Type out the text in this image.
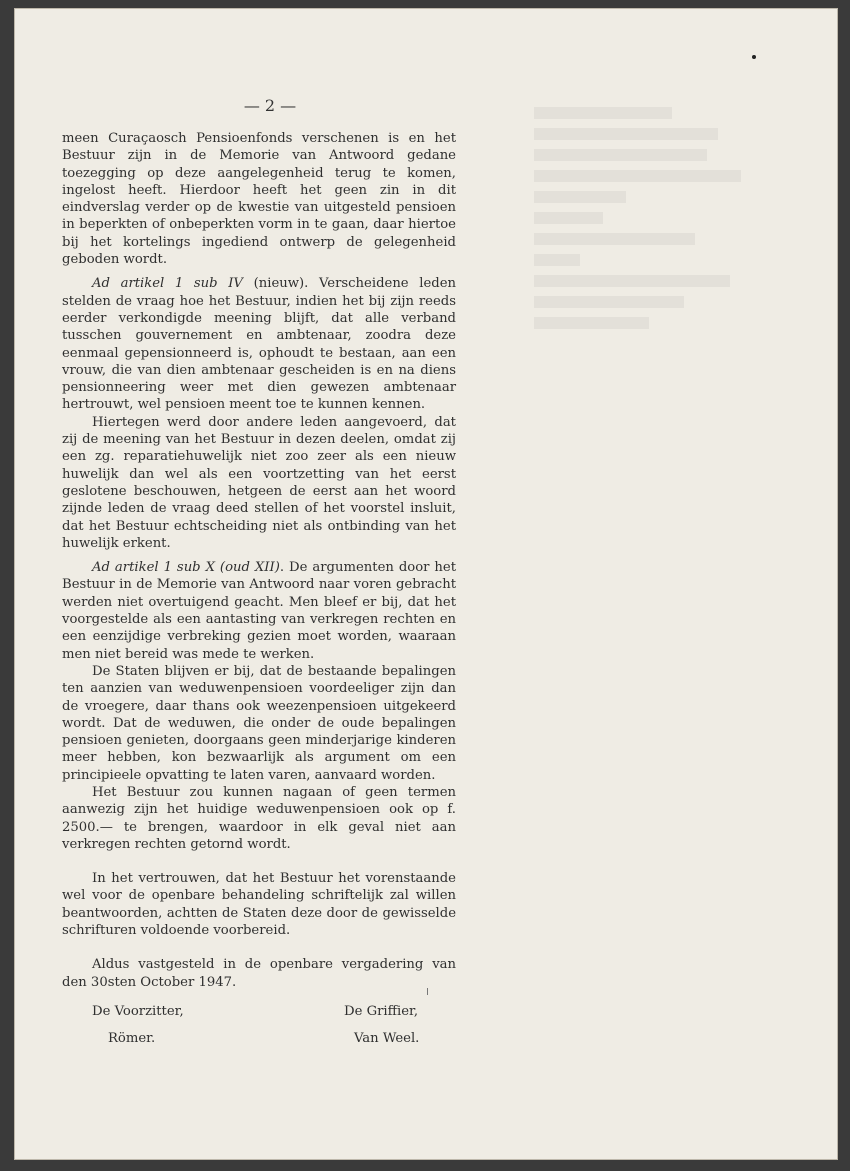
— 2 —

meen Curaçaosch Pensioenfonds verschenen is en het Bestuur zijn in de Memorie van Antwoord gedane toezegging op deze aangelegenheid terug te komen, ingelost heeft. Hierdoor heeft het geen zin in dit eindverslag verder op de kwestie van uitgesteld pensioen in beperkten of onbeperkten vorm in te gaan, daar hiertoe bij het kortelings ingediend ontwerp de gelegenheid geboden wordt.

Ad artikel 1 sub IV (nieuw). Verscheidene leden stelden de vraag hoe het Bestuur, indien het bij zijn reeds eerder verkondigde meening blijft, dat alle verband tusschen gouvernement en ambtenaar, zoodra deze eenmaal gepensionneerd is, ophoudt te bestaan, aan een vrouw, die van dien ambtenaar gescheiden is en na diens pensionneering weer met dien gewezen ambtenaar hertrouwt, wel pensioen meent toe te kunnen kennen.

Hiertegen werd door andere leden aangevoerd, dat zij de meening van het Bestuur in dezen deelen, omdat zij een zg. reparatiehuwelijk niet zoo zeer als een nieuw huwelijk dan wel als een voortzetting van het eerst geslotene beschouwen, hetgeen de eerst aan het woord zijnde leden de vraag deed stellen of het voorstel insluit, dat het Bestuur echtscheiding niet als ontbinding van het huwelijk erkent.

Ad artikel 1 sub X (oud XII). De argumenten door het Bestuur in de Memorie van Antwoord naar voren gebracht werden niet overtuigend geacht. Men bleef er bij, dat het voorgestelde als een aantasting van verkregen rechten en een eenzijdige verbreking gezien moet worden, waaraan men niet bereid was mede te werken.

De Staten blijven er bij, dat de bestaande bepalingen ten aanzien van weduwenpensioen voordeeliger zijn dan de vroegere, daar thans ook weezenpensioen uitgekeerd wordt. Dat de weduwen, die onder de oude bepalingen pensioen genieten, doorgaans geen minderjarige kinderen meer hebben, kon bezwaarlijk als argument om een principieele opvatting te laten varen, aanvaard worden.

Het Bestuur zou kunnen nagaan of geen termen aanwezig zijn het huidige weduwenpensioen ook op f. 2500.— te brengen, waardoor in elk geval niet aan verkregen rechten getornd wordt.

In het vertrouwen, dat het Bestuur het vorenstaande wel voor de openbare behandeling schriftelijk zal willen beantwoorden, achtten de Staten deze door de gewisselde schrifturen voldoende voorbereid.

Aldus vastgesteld in de openbare vergadering van den 30sten October 1947.

De Voorzitter,
Römer.
De Griffier,
Van Weel.
